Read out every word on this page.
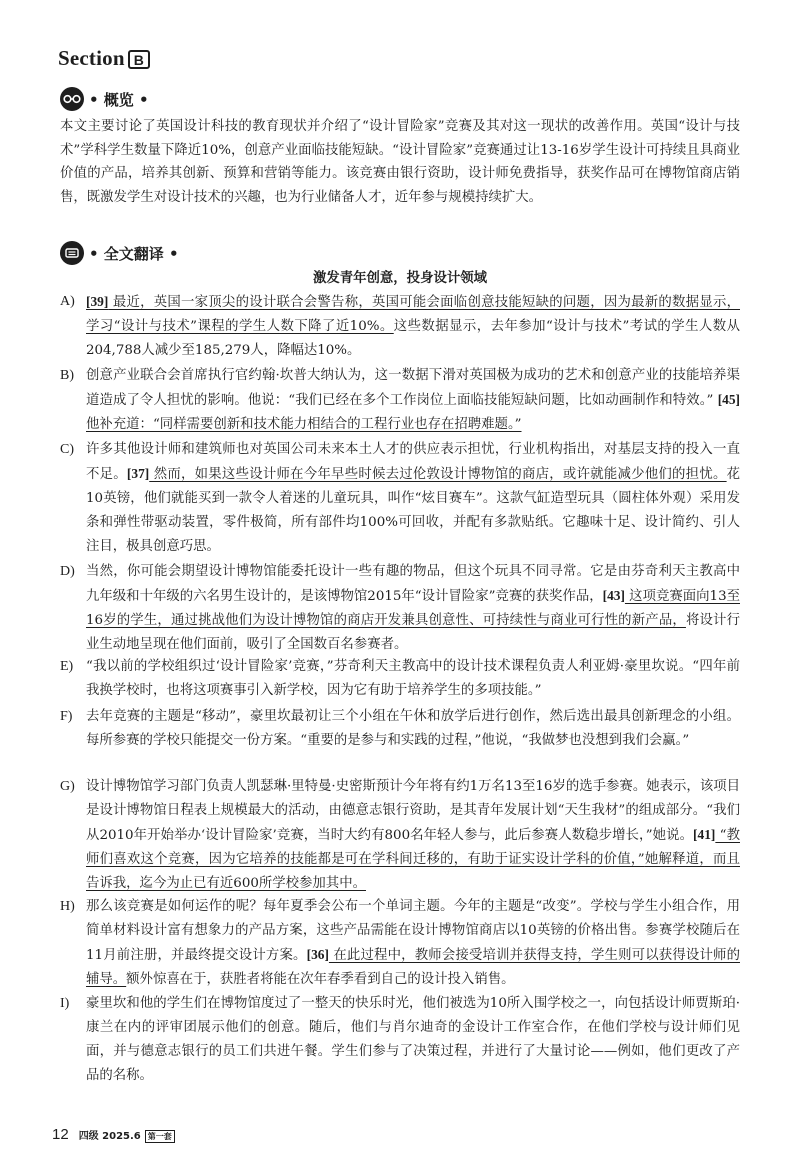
Section B
• 概览 •

本文主要讨论了英国设计科技的教育现状并介绍了“设计冒险家”竞赛及其对这一现状的改善作用。英国“设计与技术”学科学生数量下降近10%，创意产业面临技能短缺。“设计冒险家”竞赛通过让13-16岁学生设计可持续且具商业价值的产品，培养其创新、预算和营销等能力。该竞赛由银行资助，设计师免费指导，获奖作品可在博物馆商店销售，既激发学生对设计技术的兴趣，也为行业储备人才，近年参与规模持续扩大。

• 全文翻译 •
激发青年创意，投身设计领域
A) [39] 最近，英国一家顶尖的设计联合会警告称，英国可能会面临创意技能短缺的问题，因为最新的数据显示，学习“设计与技术”课程的学生人数下降了近10%。这些数据显示，去年参加“设计与技术”考试的学生人数从204,788人减少至185,279人，降幅达10%。
B) 创意产业联合会首席执行官约翰·坎普大纳认为，这一数据下滑对英国极为成功的艺术和创意产业的技能培养渠道造成了令人担忧的影响。他说：“我们已经在多个工作岗位上面临技能短缺问题，比如动画制作和特效。” [45] 他补充道：“同样需要创新和技术能力相结合的工程行业也存在招聘难题。”
C) 许多其他设计师和建筑师也对英国公司未来本土人才的供应表示担忧，行业机构指出，对基层支持的投入一直不足。[37] 然而，如果这些设计师在今年早些时候去过伦敦设计博物馆的商店，或许就能减少他们的担忧。花10英镑，他们就能买到一款令人着迷的儿童玩具，叫作“炫目赛车”。这款气缸造型玩具（圆柱体外观）采用发条和弹性带驱动装置，零件极简，所有部件均100%可回收，并配有多款贴纸。它趣味十足、设计简约、引人注目，极具创意巧思。
D) 当然，你可能会期望设计博物馆能委托设计一些有趣的物品，但这个玩具不同寻常。它是由芬奇利天主教高中九年级和十年级的六名男生设计的，是该博物馆2015年“设计冒险家”竞赛的获奖作品，[43] 这项竞赛面向13至16岁的学生，通过挑战他们为设计博物馆的商店开发兼具创意性、可持续性与商业可行性的新产品，将设计行业生动地呈现在他们面前，吸引了全国数百名参赛者。
E) “我以前的学校组织过‘设计冒险家’竞赛，”芬奇利天主教高中的设计技术课程负责人利亚姆·豪里坎说。“四年前我换学校时，也将这项赛事引入新学校，因为它有助于培养学生的多项技能。”
F) 去年竞赛的主题是“移动”，豪里坎最初让三个小组在午休和放学后进行创作，然后选出最具创新理念的小组。每所参赛的学校只能提交一份方案。“重要的是参与和实践的过程，”他说，“我做梦也没想到我们会赢。”
G) 设计博物馆学习部门负责人凯瑟琳·里特曼·史密斯预计今年将有约1万名13至16岁的选手参赛。她表示，该项目是设计博物馆日程表上规模最大的活动，由德意志银行资助，是其青年发展计划“天生我材”的组成部分。“我们从2010年开始举办‘设计冒险家’竞赛，当时大约有800名年轻人参与，此后参赛人数稳步增长，”她说。[41] “教师们喜欢这个竞赛，因为它培养的技能都是可在学科间迁移的，有助于证实设计学科的价值，”她解释道，而且告诉我，迄今为止已有近600所学校参加其中。
H) 那么该竞赛是如何运作的呢？每年夏季会公布一个单词主题。今年的主题是“改变”。学校与学生小组合作，用简单材料设计富有想象力的产品方案，这些产品需能在设计博物馆商店以10英镑的价格出售。参赛学校随后在11月前注册，并最终提交设计方案。[36] 在此过程中，教师会接受培训并获得支持，学生则可以获得设计师的辅导。额外惊喜在于，获胜者将能在次年春季看到自己的设计投入销售。
I) 豪里坎和他的学生们在博物馆度过了一整天的快乐时光，他们被选为10所入围学校之一，向包括设计师贾斯珀·康兰在内的评审团展示他们的创意。随后，他们与肖尔迪奇的金设计工作室合作，在他们学校与设计师们见面，并与德意志银行的员工们共进午餐。学生们参与了决策过程，并进行了大量讨论——例如，他们更改了产品的名称。
12 四级 2025.6 第一套
